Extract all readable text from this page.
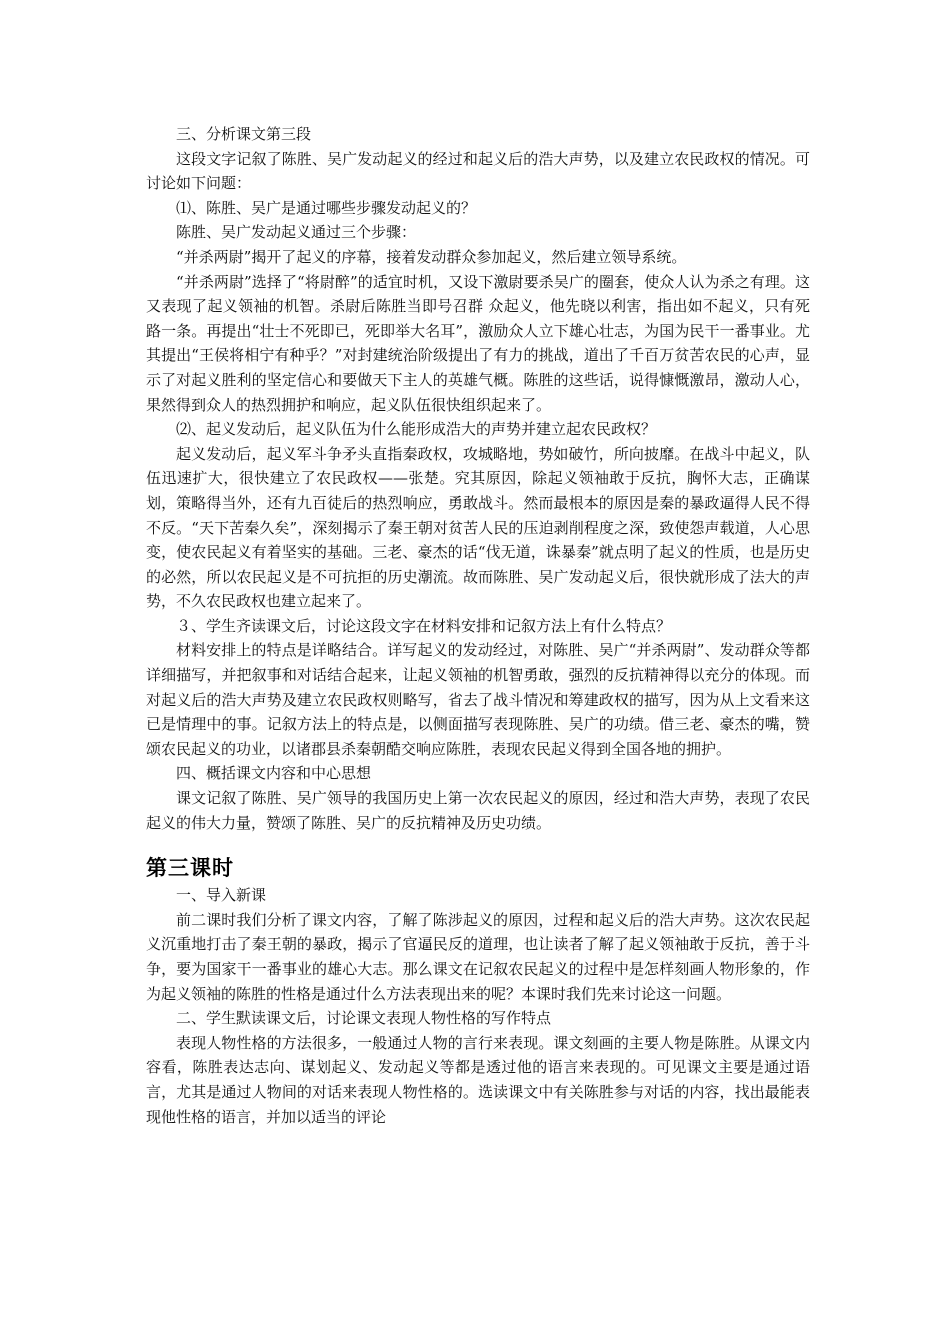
三、分析课文第三段

这段文字记叙了陈胜、吴广发动起义的经过和起义后的浩大声势，以及建立农民政权的情况。可讨论如下问题：

⑴、陈胜、吴广是通过哪些步骤发动起义的？

陈胜、吴广发动起义通过三个步骤：

“并杀两尉”揭开了起义的序幕，接着发动群众参加起义，然后建立领导系统。

“并杀两尉”选择了“将尉醉”的适宜时机，又设下激尉要杀吴广的圈套，使众人认为杀之有理。这又表现了起义领袖的机智。杀尉后陈胜当即号召群 众起义，他先晓以利害，指出如不起义，只有死路一条。再提出“壮士不死即已，死即举大名耳”，激励众人立下雄心壮志，为国为民干一番事业。尤其提出“王侯将相宁有种乎？”对封建统治阶级提出了有力的挑战，道出了千百万贫苦农民的心声，显示了对起义胜利的坚定信心和要做天下主人的英雄气概。陈胜的这些话，说得慷慨激昂，激动人心，果然得到众人的热烈拥护和响应，起义队伍很快组织起来了。

⑵、起义发动后，起义队伍为什么能形成浩大的声势并建立起农民政权？

起义发动后，起义军斗争矛头直指秦政权，攻城略地，势如破竹，所向披靡。在战斗中起义，队伍迅速扩大，很快建立了农民政权——张楚。究其原因，除起义领袖敢于反抗，胸怀大志，正确谋划，策略得当外，还有九百徒后的热烈响应，勇敢战斗。然而最根本的原因是秦的暴政逼得人民不得不反。“天下苦秦久矣”，深刻揭示了秦王朝对贫苦人民的压迫剥削程度之深，致使怨声载道，人心思变，使农民起义有着坚实的基础。三老、豪杰的话“伐无道，诛暴秦”就点明了起义的性质，也是历史的必然，所以农民起义是不可抗拒的历史潮流。故而陈胜、吴广发动起义后，很快就形成了法大的声势，不久农民政权也建立起来了。

３、学生齐读课文后，讨论这段文字在材料安排和记叙方法上有什么特点？

材料安排上的特点是详略结合。详写起义的发动经过，对陈胜、吴广“并杀两尉”、发动群众等都详细描写，并把叙事和对话结合起来，让起义领袖的机智勇敢，强烈的反抗精神得以充分的体现。而对起义后的浩大声势及建立农民政权则略写，省去了战斗情况和筹建政权的描写，因为从上文看来这已是情理中的事。记叙方法上的特点是，以侧面描写表现陈胜、吴广的功绩。借三老、豪杰的嘴，赞颂农民起义的功业，以诸郡县杀秦朝酷交响应陈胜，表现农民起义得到全国各地的拥护。

四、概括课文内容和中心思想

课文记叙了陈胜、吴广领导的我国历史上第一次农民起义的原因，经过和浩大声势，表现了农民起义的伟大力量，赞颂了陈胜、吴广的反抗精神及历史功绩。

第三课时

一、导入新课

前二课时我们分析了课文内容，了解了陈涉起义的原因，过程和起义后的浩大声势。这次农民起义沉重地打击了秦王朝的暴政，揭示了官逼民反的道理，也让读者了解了起义领袖敢于反抗，善于斗争，要为国家干一番事业的雄心大志。那么课文在记叙农民起义的过程中是怎样刻画人物形象的，作为起义领袖的陈胜的性格是通过什么方法表现出来的呢？本课时我们先来讨论这一问题。

二、学生默读课文后，讨论课文表现人物性格的写作特点

表现人物性格的方法很多，一般通过人物的言行来表现。课文刻画的主要人物是陈胜。从课文内容看，陈胜表达志向、谋划起义、发动起义等都是透过他的语言来表现的。可见课文主要是通过语言，尤其是通过人物间的对话来表现人物性格的。选读课文中有关陈胜参与对话的内容，找出最能表现他性格的语言，并加以适当的评论
